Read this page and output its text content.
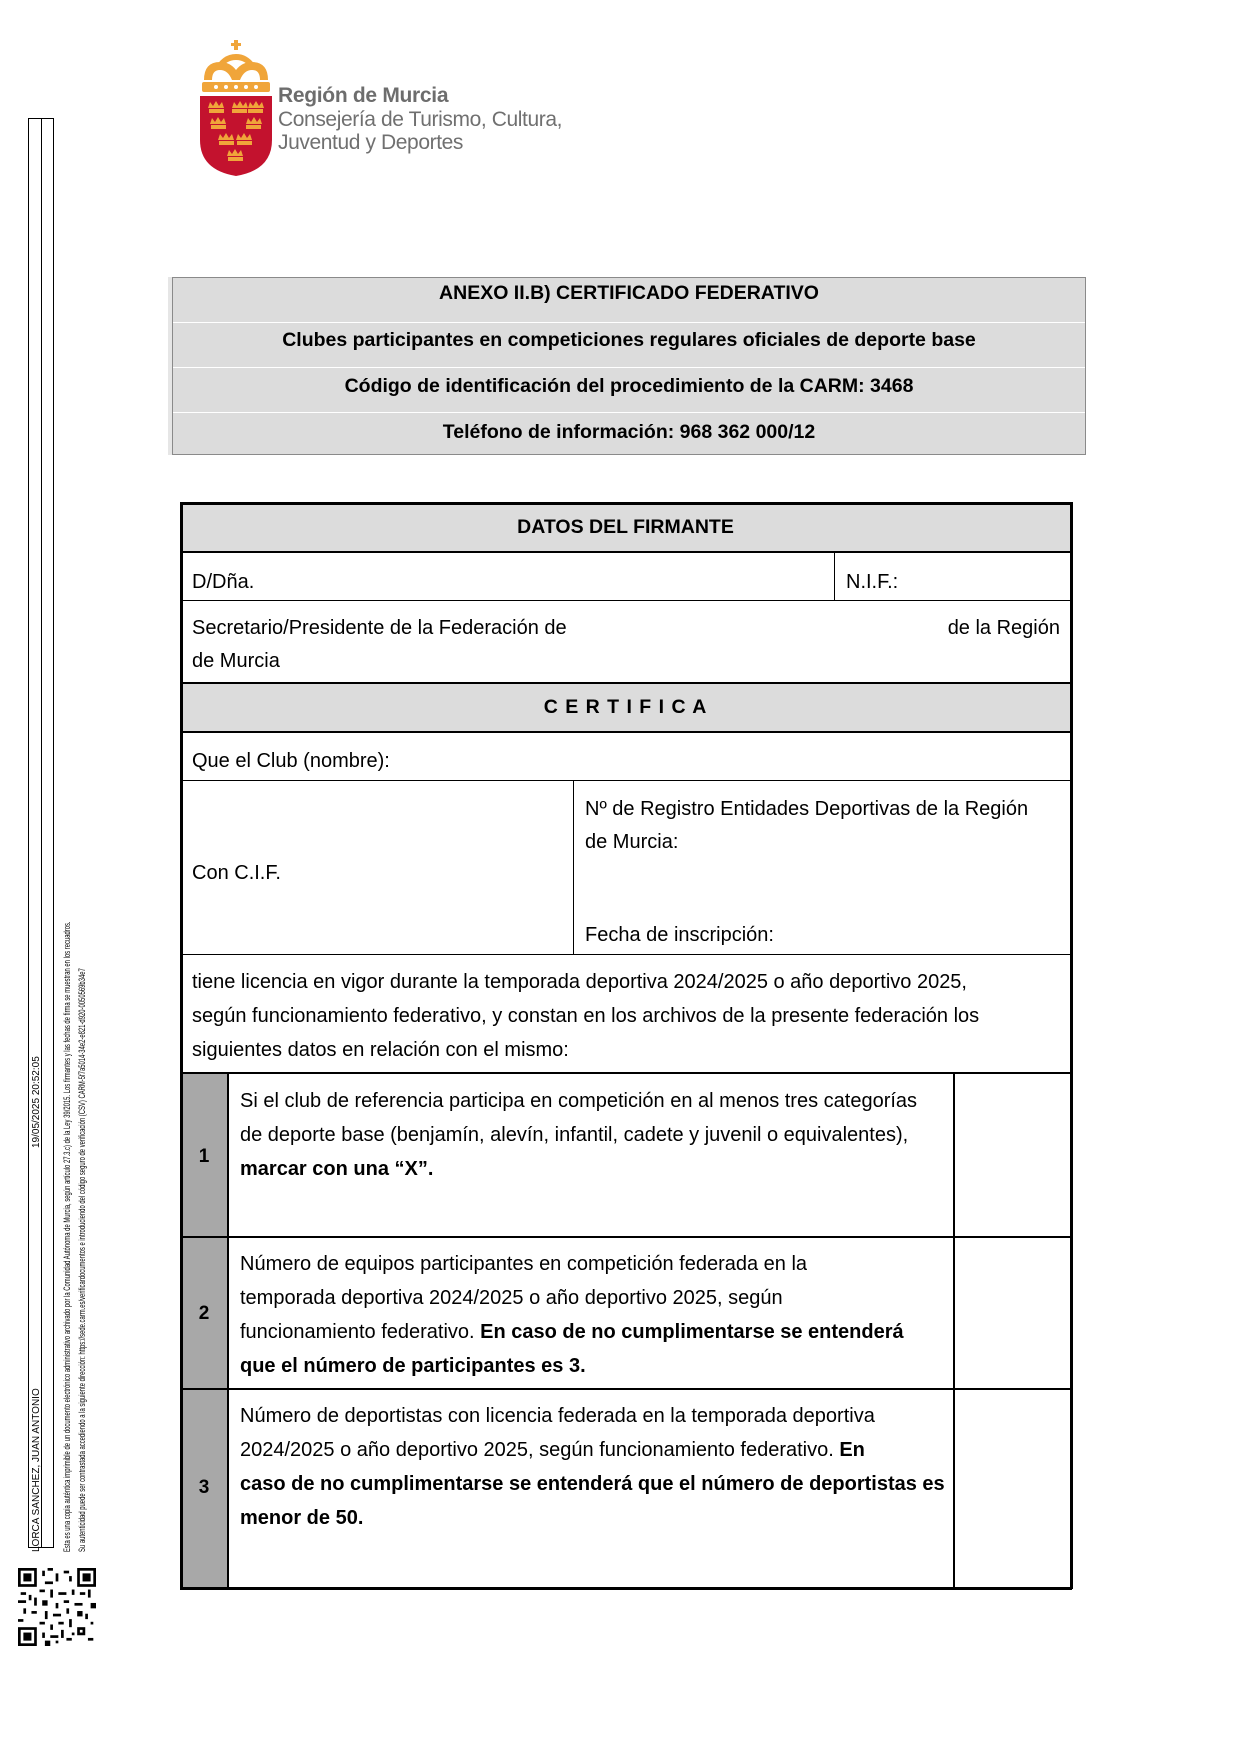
LORCA SANCHEZ, JUAN ANTONIO
19/05/2025 20:52:05 Esta es una copia auténtica imprimible de un documento electrónico administrativo archivado por la Comunidad Autónoma de Murcia, según artículo 27.3.c) de la Ley 39/2015. Los firmantes y las fechas de firma se muestran en los recuadros. Su autenticidad puede ser contrastada accediendo a la siguiente dirección: https://sede.carm.es/verificardocumentos e introduciendo del código seguro de verificación (CSV) CARM-5f7a5014-34e2-e821-d920-0050569b34e7
Región de Murcia
Consejería de Turismo, Cultura,
Juventud y Deportes
ANEXO II.B) CERTIFICADO FEDERATIVO
Clubes participantes en competiciones regulares oficiales de deporte base
Código de identificación del procedimiento de la CARM: 3468
Teléfono de información: 968 362 000/12
DATOS DEL FIRMANTE
C E R T I F I C A
1
2
3
D/Dña.	N.I.F.:
Secretario/Presidente de la Federación de	de la Región
de Murcia
Que el Club (nombre):
Con C.I.F.
Nº de Registro Entidades Deportivas de la Región
de Murcia:
Fecha de inscripción:
tiene licencia en vigor durante la temporada deportiva 2024/2025 o año deportivo 2025,
según funcionamiento federativo, y constan en los archivos de la presente federación los
siguientes datos en relación con el mismo:
Si el club de referencia participa en competición en al menos tres categorías
de deporte base (benjamín, alevín, infantil, cadete y juvenil o equivalentes),
marcar con una “X”.
Número de equipos participantes en competición federada en la
temporada deportiva 2024/2025 o año deportivo 2025, según
funcionamiento federativo. En caso de no cumplimentarse se entenderá
que el número de participantes es 3.
Número de deportistas con licencia federada en la temporada deportiva
2024/2025 o año deportivo 2025, según funcionamiento federativo. En
caso de no cumplimentarse se entenderá que el número de deportistas es
menor de 50.
